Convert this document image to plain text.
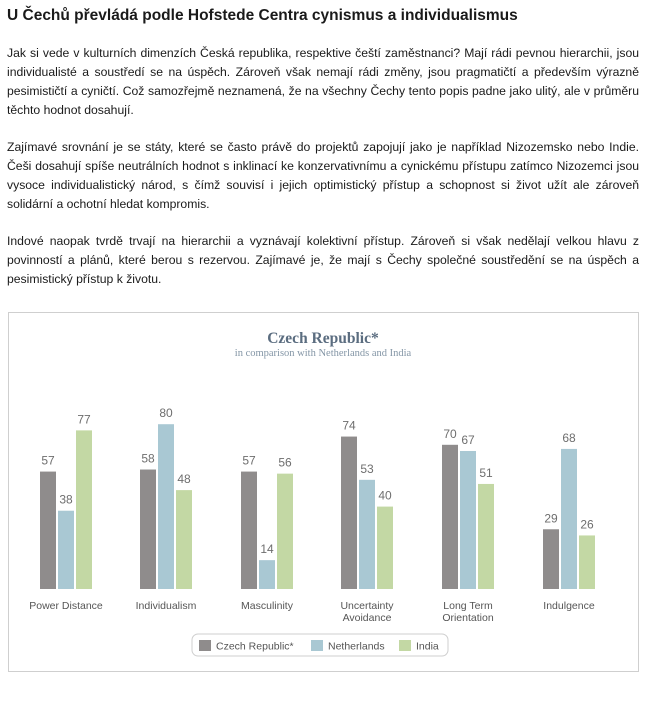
U Čechů převládá podle Hofstede Centra cynismus a individualismus

Jak si vede v kulturních dimenzích Česká republika, respektive čeští zaměstnanci? Mají rádi pevnou hierarchii, jsou individualisté a soustředí se na úspěch. Zároveň však nemají rádi změny, jsou pragmatičtí a především výrazně pesimističtí a cyničtí. Což samozřejmě neznamená, že na všechny Čechy tento popis padne jako ulitý, ale v průměru těchto hodnot dosahují.

Zajímavé srovnání je se státy, které se často právě do projektů zapojují jako je například Nizozemsko nebo Indie. Češi dosahují spíše neutrálních hodnot s inklinací ke konzervativnímu a cynickému přístupu zatímco Nizozemci jsou vysoce individualistický národ, s čímž souvisí i jejich optimistický přístup a schopnost si život užít ale zároveň solidární a ochotní hledat kompromis.

Indové naopak tvrdě trvají na hierarchii a vyznávají kolektivní přístup. Zároveň si však nedělají velkou hlavu z povinností a plánů, které berou s rezervou. Zajímavé je, že mají s Čechy společné soustředění se na úspěch a pesimistický přístup k životu.

Czech Republic*
in comparison with Netherlands and India
57
38
77
58
80
48
57
14
56
74
53
40
70 67
51
29
68
26
Power Distance	Individualism	Masculinity	Uncertainty
Avoidance
Long Term
Orientation
Indulgence
Czech Republic*	Netherlands	India
